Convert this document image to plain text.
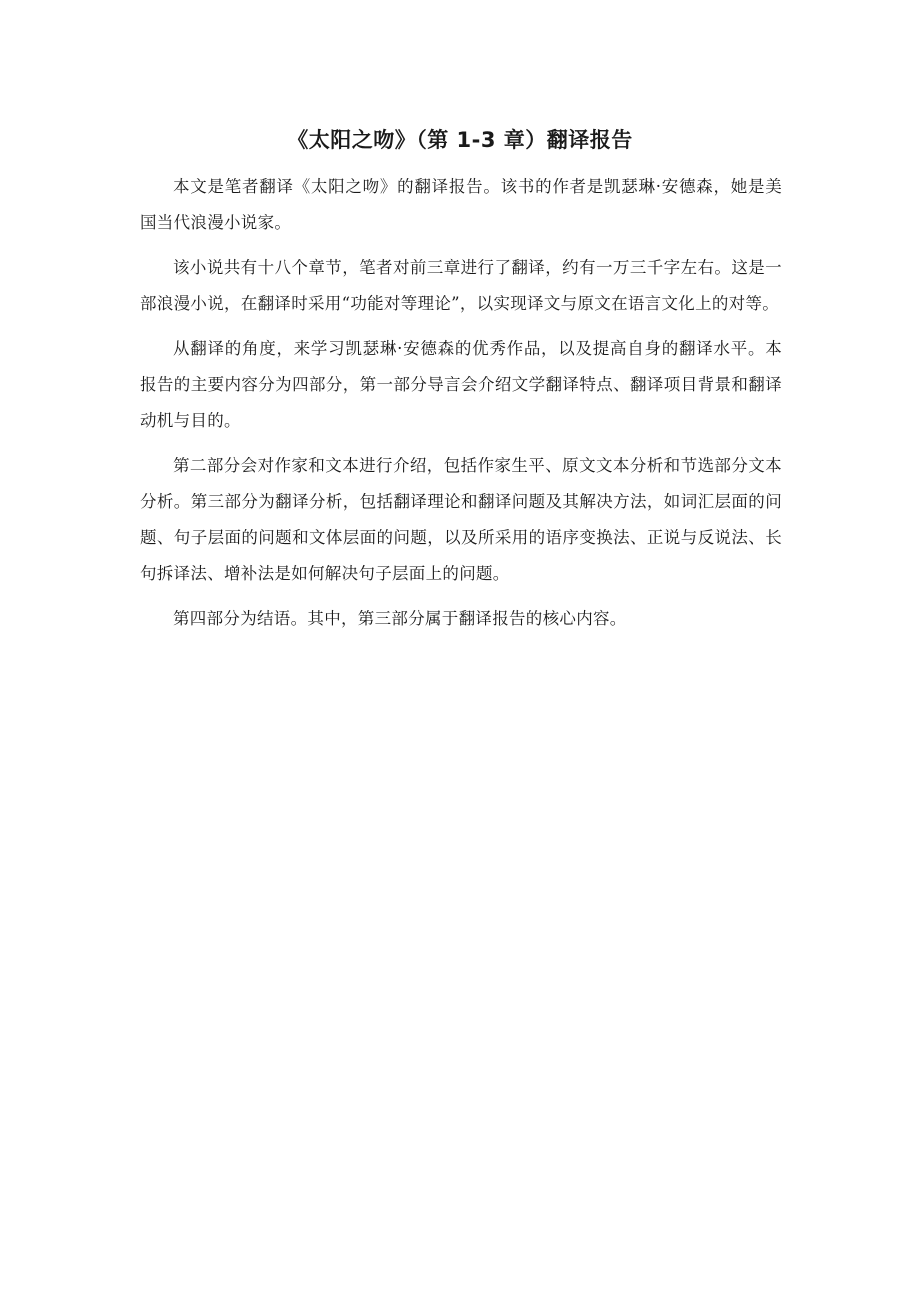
《太阳之吻》（第 1-3 章）翻译报告

本文是笔者翻译《太阳之吻》的翻译报告。该书的作者是凯瑟琳·安德森，她是美国当代浪漫小说家。

该小说共有十八个章节，笔者对前三章进行了翻译，约有一万三千字左右。这是一部浪漫小说，在翻译时采用“功能对等理论”，以实现译文与原文在语言文化上的对等。

从翻译的角度，来学习凯瑟琳·安德森的优秀作品，以及提高自身的翻译水平。本报告的主要内容分为四部分，第一部分导言会介绍文学翻译特点、翻译项目背景和翻译动机与目的。

第二部分会对作家和文本进行介绍，包括作家生平、原文文本分析和节选部分文本分析。第三部分为翻译分析，包括翻译理论和翻译问题及其解决方法，如词汇层面的问题、句子层面的问题和文体层面的问题，以及所采用的语序变换法、正说与反说法、长句拆译法、增补法是如何解决句子层面上的问题。

第四部分为结语。其中，第三部分属于翻译报告的核心内容。
